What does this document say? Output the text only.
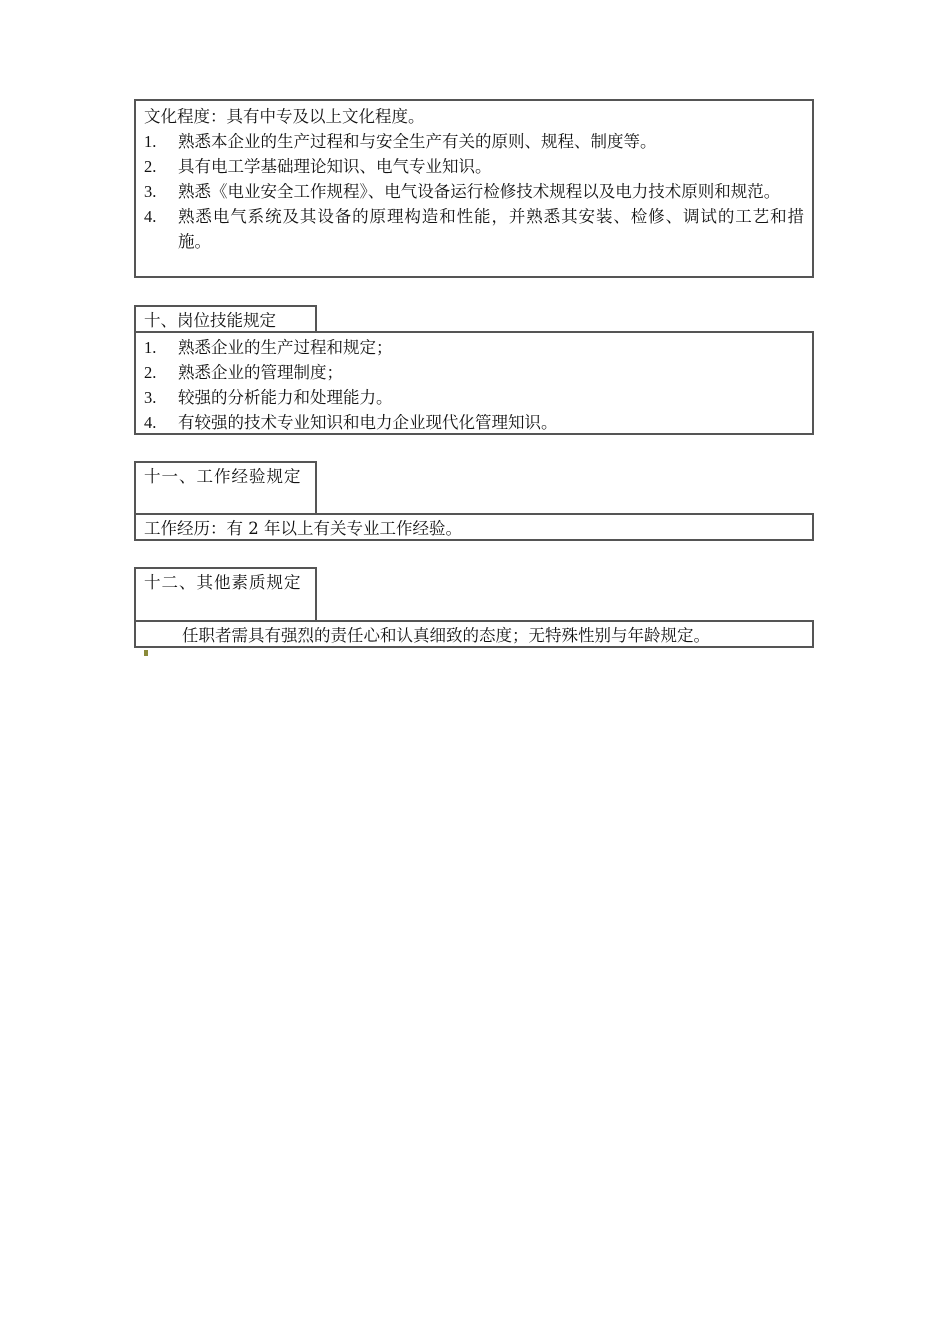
文化程度：具有中专及以上文化程度。
1.	熟悉本企业的生产过程和与安全生产有关的原则、规程、制度等。
2.	具有电工学基础理论知识、电气专业知识。
3.	熟悉《电业安全工作规程》、电气设备运行检修技术规程以及电力技术原则和规范。
4.	熟悉电气系统及其设备的原理构造和性能，并熟悉其安装、检修、调试的工艺和措施。
十、岗位技能规定
1.	熟悉企业的生产过程和规定；
2.	熟悉企业的管理制度；
3.	较强的分析能力和处理能力。
4.	有较强的技术专业知识和电力企业现代化管理知识。
十一、工作经验规定
工作经历：有 2 年以上有关专业工作经验。
十二、其他素质规定
任职者需具有强烈的责任心和认真细致的态度；无特殊性别与年龄规定。
